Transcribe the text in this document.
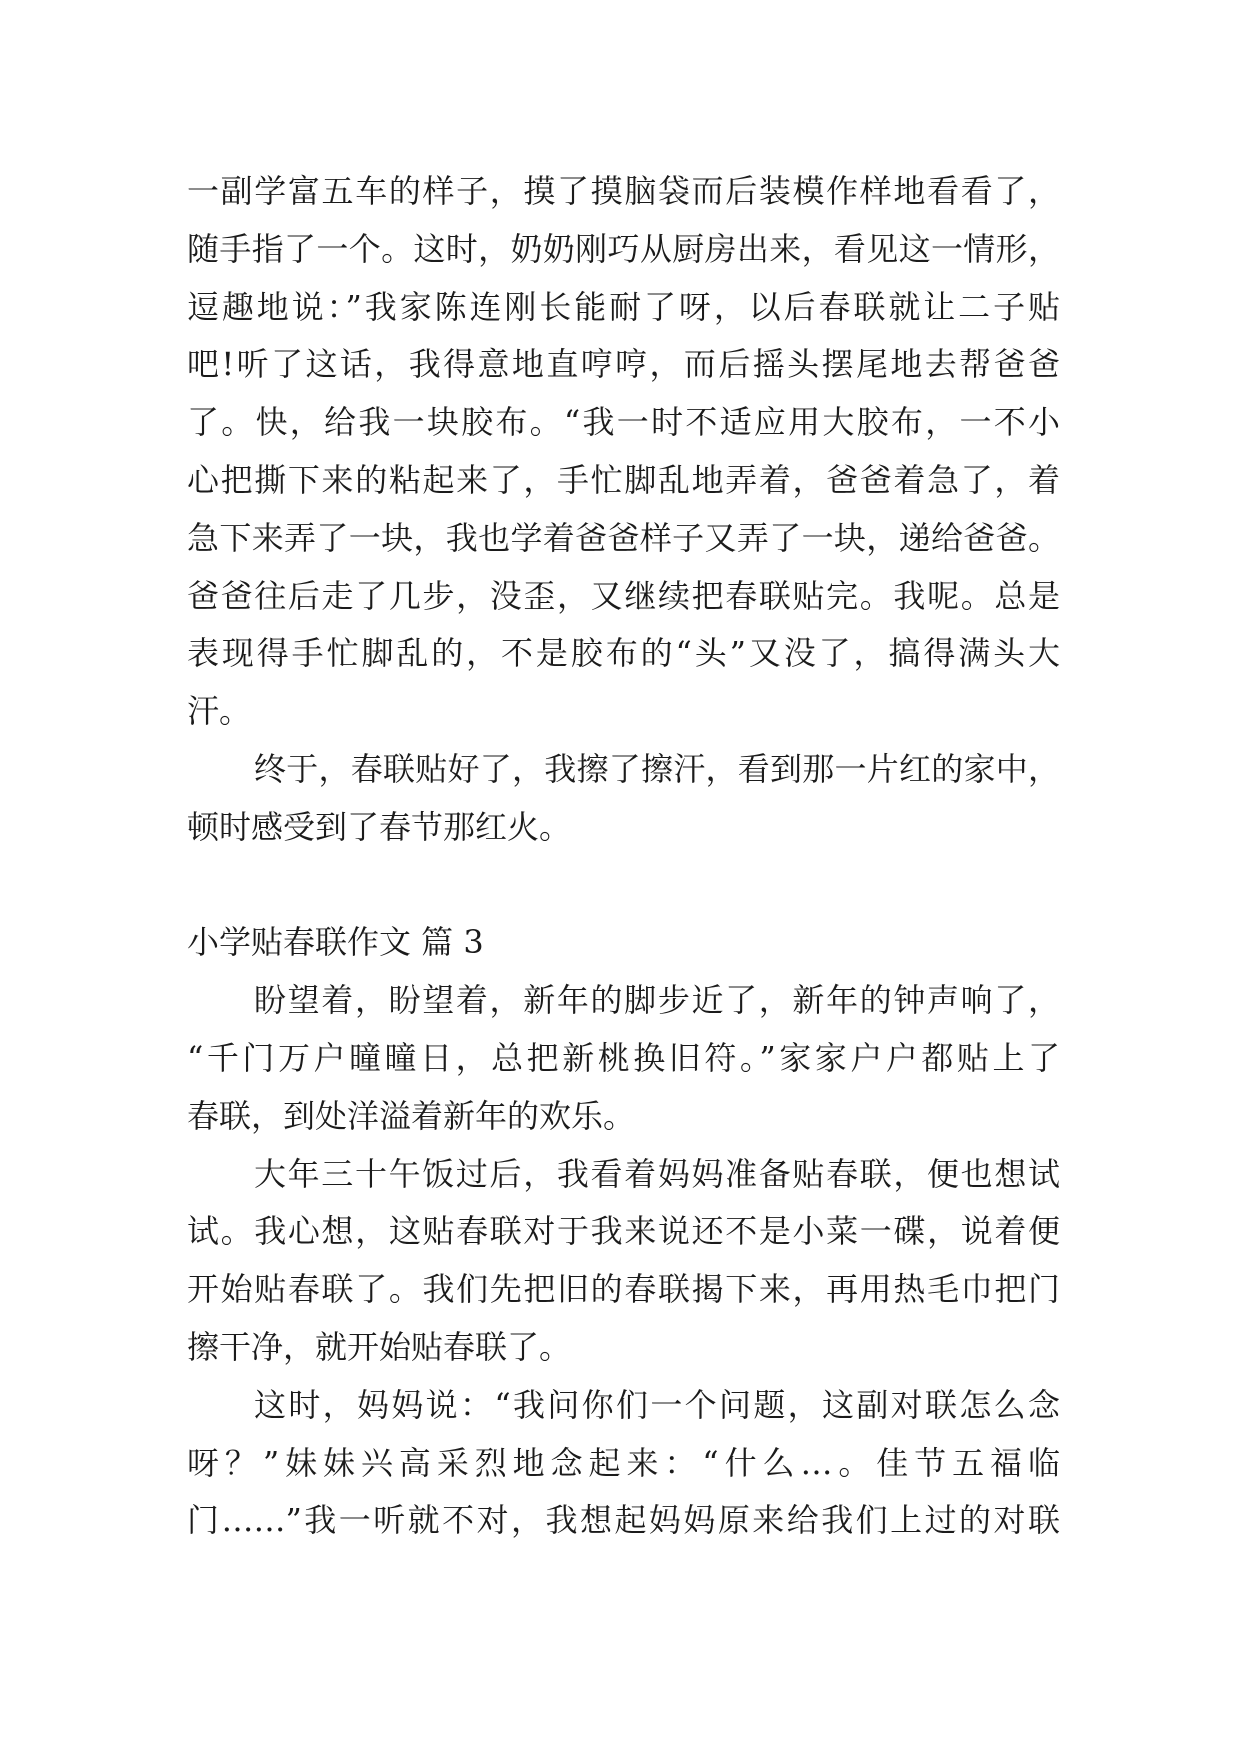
一副学富五车的样子，摸了摸脑袋而后装模作样地看看了，
随手指了一个。这时，奶奶刚巧从厨房出来，看见这一情形，
逗趣地说：”我家陈连刚长能耐了呀，以后春联就让二子贴
吧!听了这话，我得意地直哼哼，而后摇头摆尾地去帮爸爸
了。快，给我一块胶布。“我一时不适应用大胶布，一不小
心把撕下来的粘起来了，手忙脚乱地弄着，爸爸着急了，着
急下来弄了一块，我也学着爸爸样子又弄了一块，递给爸爸。
爸爸往后走了几步，没歪，又继续把春联贴完。我呢。总是
表现得手忙脚乱的，不是胶布的“头”又没了，搞得满头大
汗。
终于，春联贴好了，我擦了擦汗，看到那一片红的家中，
顿时感受到了春节那红火。
小学贴春联作文 篇 3
盼望着，盼望着，新年的脚步近了，新年的钟声响了，
“千门万户曈曈日，总把新桃换旧符。”家家户户都贴上了
春联，到处洋溢着新年的欢乐。
大年三十午饭过后，我看着妈妈准备贴春联，便也想试
试。我心想，这贴春联对于我来说还不是小菜一碟，说着便
开始贴春联了。我们先把旧的春联揭下来，再用热毛巾把门
擦干净，就开始贴春联了。
这时，妈妈说：“我问你们一个问题，这副对联怎么念
呀？”妹妹兴高采烈地念起来：“什么…。佳节五福临
门……”我一听就不对，我想起妈妈原来给我们上过的对联
